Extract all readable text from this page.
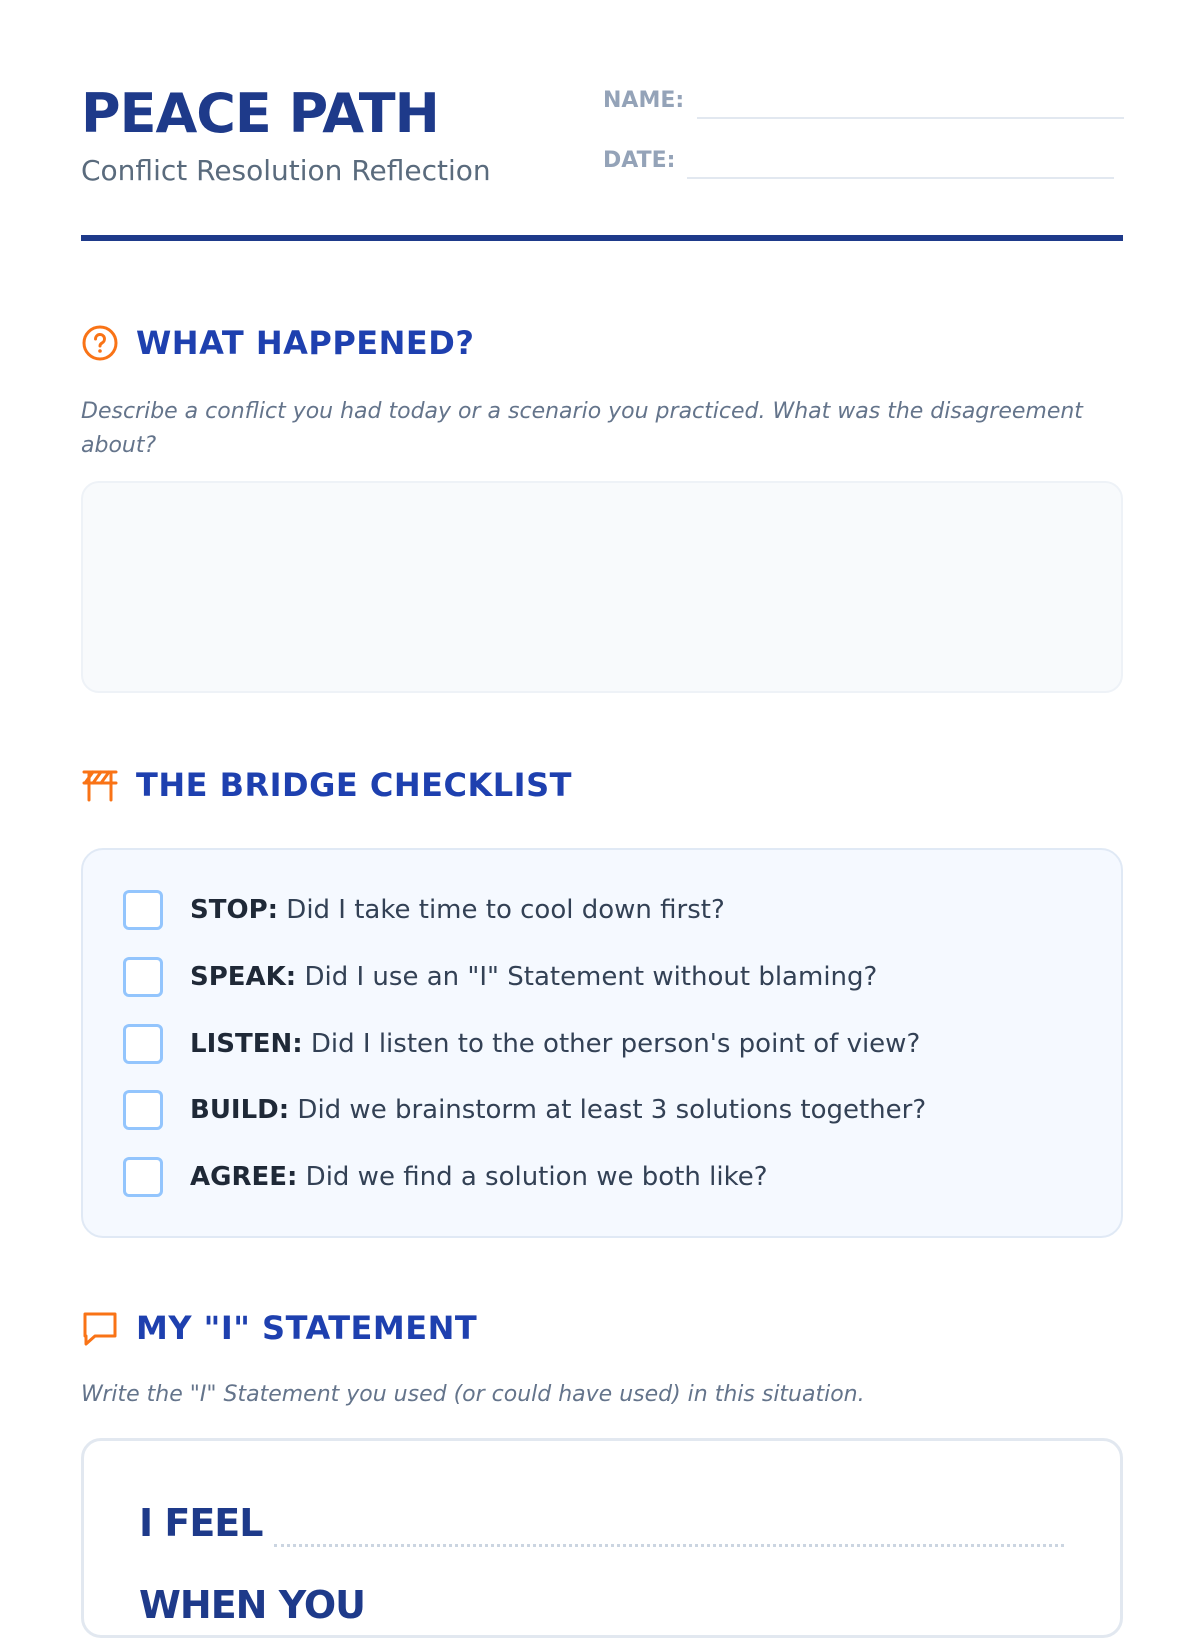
PEACE PATH
Conflict Resolution Reflection
NAME:
DATE:
WHAT HAPPENED?
Describe a conflict you had today or a scenario you practiced. What was the disagreement about?
THE BRIDGE CHECKLIST
STOP: Did I take time to cool down first?
SPEAK: Did I use an "I" Statement without blaming?
LISTEN: Did I listen to the other person's point of view?
BUILD: Did we brainstorm at least 3 solutions together?
AGREE: Did we find a solution we both like?
MY "I" STATEMENT
Write the "I" Statement you used (or could have used) in this situation.
I FEEL
WHEN YOU
